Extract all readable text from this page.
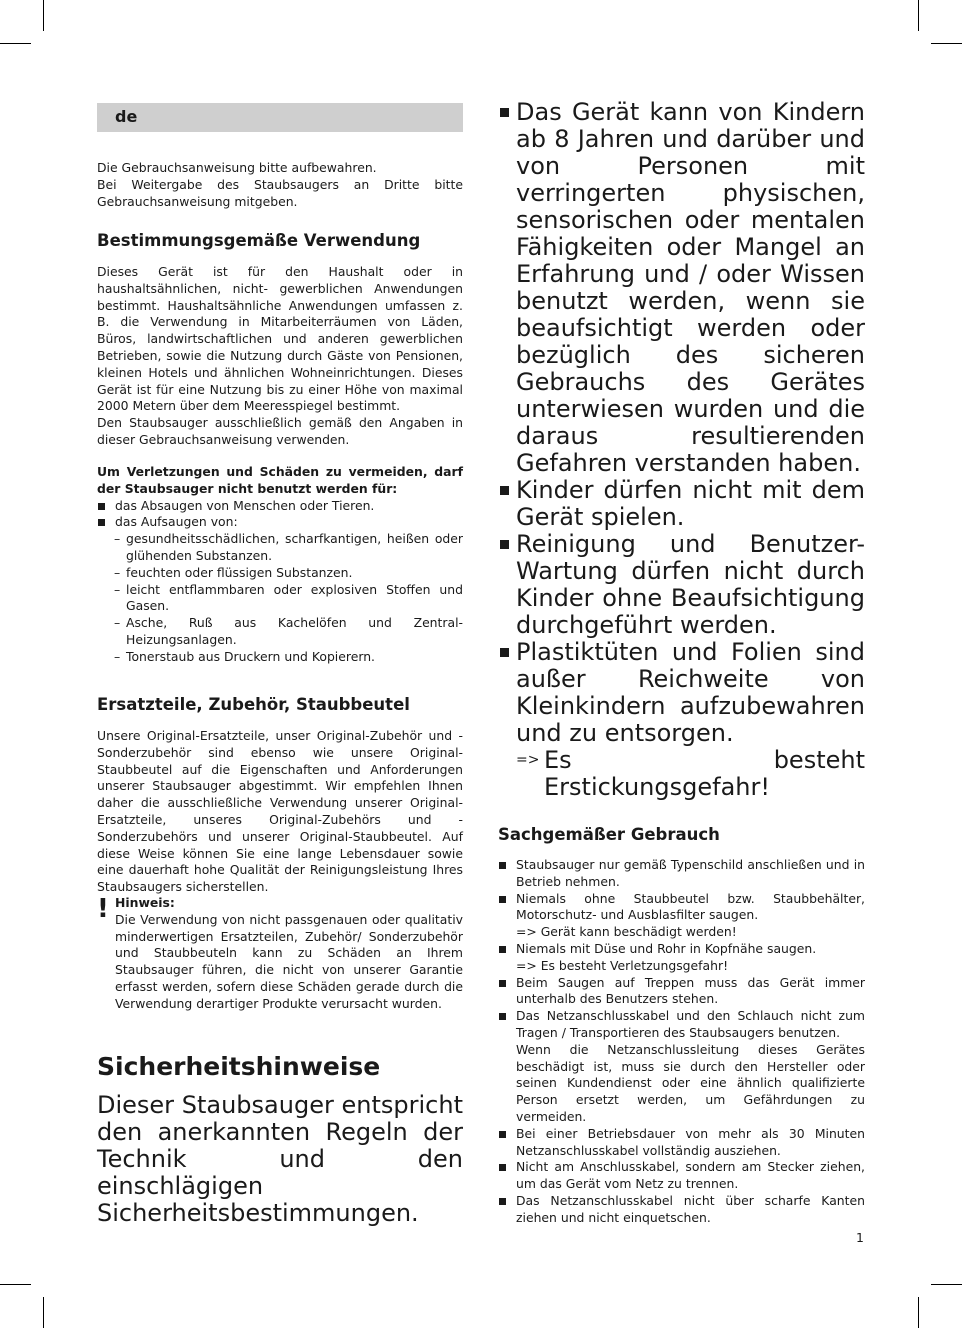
de

Die Gebrauchsanweisung bitte aufbewahren.

Bei Weitergabe des Staubsaugers an Dritte bitte Gebrauchsanweisung mitgeben.

Bestimmungsgemäße Verwendung

Dieses Gerät ist für den Haushalt oder in haushaltsähnlichen, nicht- gewerblichen Anwendungen bestimmt. Haushaltsähnliche Anwendungen umfassen z. B. die Verwendung in Mitarbeiterräumen von Läden, Büros, landwirtschaftlichen und anderen gewerblichen Betrieben, sowie die Nutzung durch Gäste von Pensionen, kleinen Hotels und ähnlichen Wohneinrichtungen. Dieses Gerät ist für eine Nutzung bis zu einer Höhe von maximal 2000 Metern über dem Meeresspiegel bestimmt.

Den Staubsauger ausschließlich gemäß den Angaben in dieser Gebrauchsanweisung verwenden.

Um Verletzungen und Schäden zu vermeiden, darf der Staubsauger nicht benutzt werden für:

das Absaugen von Menschen oder Tieren.
das Aufsaugen von:
– gesundheitsschädlichen, scharfkantigen, heißen oder glühenden Substanzen.
– feuchten oder flüssigen Substanzen.
– leicht entflammbaren oder explosiven Stoffen und Gasen.
– Asche, Ruß aus Kachelöfen und Zentral-Heizungsanlagen.
– Tonerstaub aus Druckern und Kopierern.
Ersatzteile, Zubehör, Staubbeutel

Unsere Original-Ersatzteile, unser Original-Zubehör und -Sonderzubehör sind ebenso wie unsere Original-Staubbeutel auf die Eigenschaften und Anforderungen unserer Staubsauger abgestimmt. Wir empfehlen Ihnen daher die ausschließliche Verwendung unserer Original-Ersatzteile, unseres Original-Zubehörs und -Sonderzubehörs und unserer Original-Staubbeutel. Auf diese Weise können Sie eine lange Lebensdauer sowie eine dauerhaft hohe Qualität der Reinigungsleistung Ihres Staubsaugers sicherstellen.

! Hinweis:

Die Verwendung von nicht passgenauen oder qualitativ minderwertigen Ersatzteilen, Zubehör/ Sonderzubehör und Staubbeuteln kann zu Schäden an Ihrem Staubsauger führen, die nicht von unserer Garantie erfasst werden, sofern diese Schäden gerade durch die Verwendung derartiger Produkte verursacht wurden.

Sicherheitshinweise

Dieser Staubsauger entspricht den anerkannten Regeln der Technik und den einschlägigen Sicherheitsbestimmungen.

Das Gerät kann von Kindern ab 8 Jahren und darüber und von Personen mit verringerten physischen, sensorischen oder mentalen Fähigkeiten oder Mangel an Erfahrung und / oder Wissen benutzt werden, wenn sie beaufsichtigt werden oder bezüglich des sicheren Gebrauchs des Gerätes unterwiesen wurden und die daraus resultierenden Gefahren verstanden haben.
Kinder dürfen nicht mit dem Gerät spielen.
Reinigung und Benutzer-Wartung dürfen nicht durch Kinder ohne Beaufsichtigung durchgeführt werden.
Plastiktüten und Folien sind außer Reichweite von Kleinkindern aufzubewahren und zu entsorgen.
=> Es besteht Erstickungsgefahr!
Sachgemäßer Gebrauch
Staubsauger nur gemäß Typenschild anschließen und in Betrieb nehmen.
Niemals ohne Staubbeutel bzw. Staubbehälter, Motorschutz- und Ausblasfilter saugen.
=> Gerät kann beschädigt werden!
Niemals mit Düse und Rohr in Kopfnähe saugen.
=> Es besteht Verletzungsgefahr!
Beim Saugen auf Treppen muss das Gerät immer unterhalb des Benutzers stehen.
Das Netzanschlusskabel und den Schlauch nicht zum Tragen / Transportieren des Staubsaugers benutzen.
Wenn die Netzanschlussleitung dieses Gerätes beschädigt ist, muss sie durch den Hersteller oder seinen Kundendienst oder eine ähnlich qualifizierte Person ersetzt werden, um Gefährdungen zu vermeiden.
Bei einer Betriebsdauer von mehr als 30 Minuten Netzanschlusskabel vollständig ausziehen.
Nicht am Anschlusskabel, sondern am Stecker ziehen, um das Gerät vom Netz zu trennen.
Das Netzanschlusskabel nicht über scharfe Kanten ziehen und nicht einquetschen.
1
